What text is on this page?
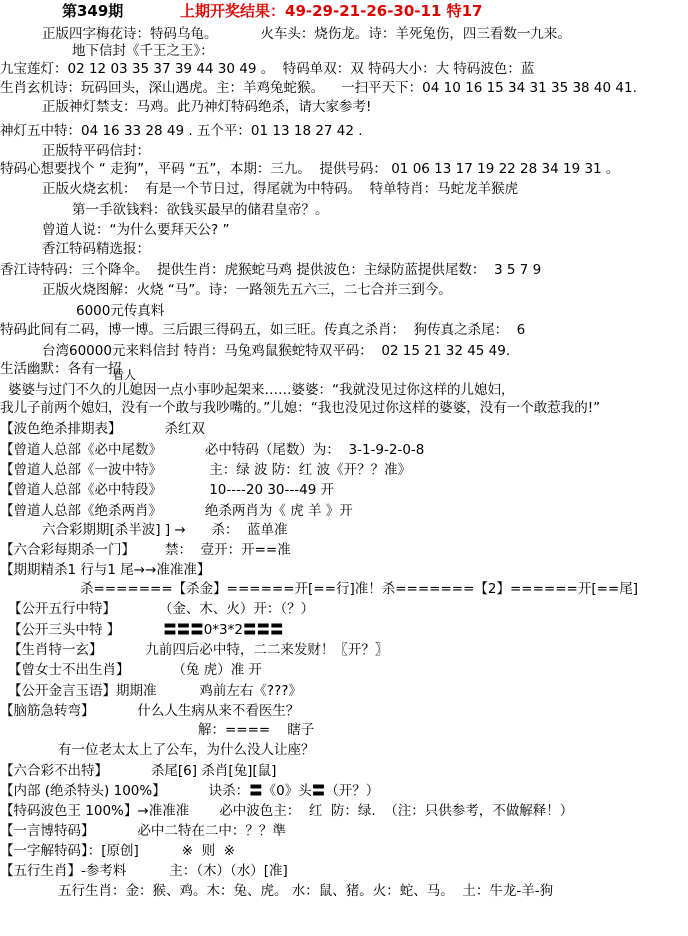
第349期	上期开奖结果：49-29-21-26-30-11 特17
正版四字梅花诗：特码乌龟。          火车头：烧伤龙。诗：羊死兔伤，四三看数一九来。
地下信封《千王之王》：
九宝莲灯：02 12 03 35 37 39 44 30 49 。  特码单双：双 特码大小：大 特码波色：蓝
生肖玄机诗：玩码回头，深山遇虎。主：羊鸡兔蛇猴。    一扫平天下：04 10 16 15 34 31 35 38 40 41.
正版神灯禁支：马鸡。此乃神灯特码绝杀，请大家参考!
神灯五中特：04 16 33 28 49 . 五个平：01 13 18 27 42 .
正版特平码信封：
特码心想要找个 “ 走狗”，平码 “五”，本期：三九。  提供号码： 01 06 13 17 19 22 28 34 19 31 。
正版火烧玄机：  有是一个节日过，得尾就为中特码。  特单特肖：马蛇龙羊猴虎
第一手欲钱料：欲钱买最早的储君皇帝？。
曾道人说：“为什么要拜天公? ”
香江特码精选报：
香江诗特码：三个降伞。  提供生肖：虎猴蛇马鸡 提供波色：主绿防蓝提供尾数：  3 5 7 9
正版火烧图解：火烧 “马”。诗：一路领先五六三，二七合并三到今。
6000元传真料
特码此间有二码，博一博。三后跟三得码五，如三旺。传真之杀肖：  狗传真之杀尾：  6
台湾60000元来料信封 特肖：马兔鸡鼠猴蛇特双平码：  02 15 21 32 45 49.
生活幽默：各有一招
婆婆与过门不久的儿媳因一点小事吵起架来……婆婆：“我就没见过你这样的儿媳妇，
我儿子前两个媳妇，没有一个敢与我吵嘴的。”儿媳：“我也没见过你这样的婆婆，没有一个敢惹我的!”
【波色绝杀排期表】          杀红双
【曾道人总部《必中尾数》          必中特码（尾数）为：  3-1-9-2-0-8
【曾道人总部《一波中特》           主：绿 波 防：红 波《开？？准》
【曾道人总部《必中特段》           10----20 30---49 开
【曾道人总部《绝杀两肖》          绝杀两肖为《 虎 羊 》开
六合彩期期[杀半波] ] →      杀：  蓝单准
【六合彩每期杀一门】       禁：  壹开：开==准
【期期精杀1 行与1 尾→→准准准】
杀=======【杀金】======开[==行]准！杀=======【2】======开[==尾]
【公开五行中特】          （金、木、火）开：（？）
【公开三头中特 】          〓〓〓0*3*2〓〓〓
【生肖特一玄】          九前四后必中特，二二来发财！〖开？〗
【曾女士不出生肖】          （兔 虎）准 开
【公开金言玉语】期期准          鸡前左右《???》
【脑筋急转弯】          什么人生病从来不看医生？
解：====    瞎子
有一位老太太上了公车，为什么没人让座？
【六合彩不出特】          杀尾[6] 杀肖[兔][鼠]
【内部 (绝杀特头) 100%】          诀杀：〓《0》头〓（开？）
【特码波色王 100%】→准准准       必中波色主：  红  防：绿.  （注：只供参考，不做解释！）
【一言博特码】          必中二特在二中：？？準
【一字解特码】：[原创]          ※  则  ※
【五行生肖】-参考料          主：（木）（水）[准]
五行生肖：金：猴、鸡。木：兔、虎。 水：鼠、猪。火：蛇、马。  土：牛龙-羊-狗
看人
